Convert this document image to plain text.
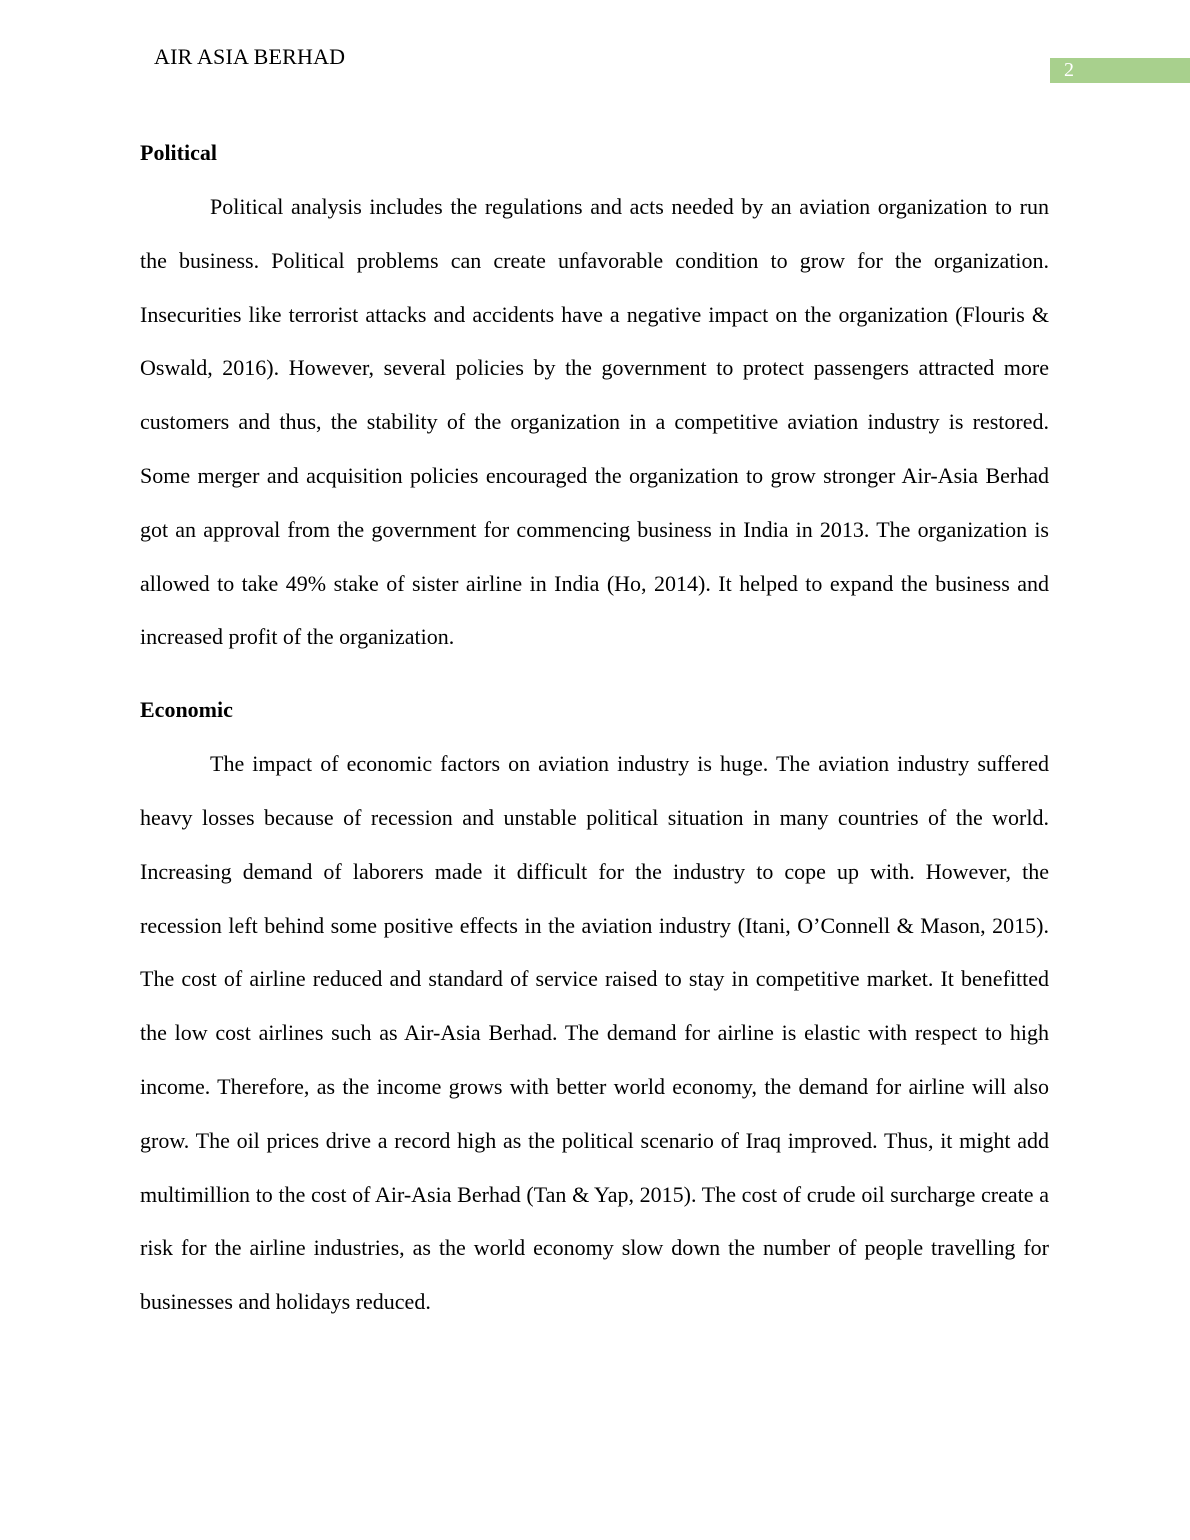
AIR ASIA BERHAD
2
Political

Political analysis includes the regulations and acts needed by an aviation organization to run the business. Political problems can create unfavorable condition to grow for the organization. Insecurities like terrorist attacks and accidents have a negative impact on the organization (Flouris & Oswald, 2016). However, several policies by the government to protect passengers attracted more customers and thus, the stability of the organization in a competitive aviation industry is restored. Some merger and acquisition policies encouraged the organization to grow stronger Air-Asia Berhad got an approval from the government for commencing business in India in 2013. The organization is allowed to take 49% stake of sister airline in India (Ho, 2014). It helped to expand the business and increased profit of the organization.

Economic

The impact of economic factors on aviation industry is huge. The aviation industry suffered heavy losses because of recession and unstable political situation in many countries of the world. Increasing demand of laborers made it difficult for the industry to cope up with. However, the recession left behind some positive effects in the aviation industry (Itani, O’Connell & Mason, 2015). The cost of airline reduced and standard of service raised to stay in competitive market. It benefitted the low cost airlines such as Air-Asia Berhad. The demand for airline is elastic with respect to high income. Therefore, as the income grows with better world economy, the demand for airline will also grow. The oil prices drive a record high as the political scenario of Iraq improved. Thus, it might add multimillion to the cost of Air-Asia Berhad (Tan & Yap, 2015). The cost of crude oil surcharge create a risk for the airline industries, as the world economy slow down the number of people travelling for businesses and holidays reduced.
